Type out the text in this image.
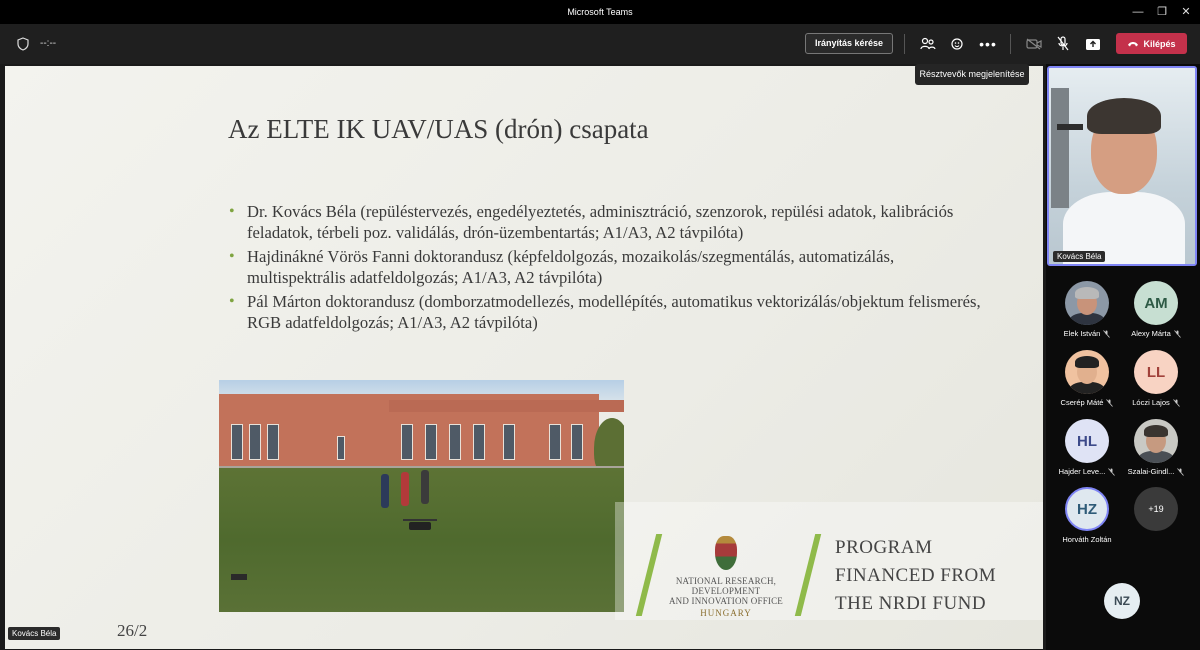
Microsoft Teams	—	❐	✕
--:--	Irányítás kérése	•••	Kilépés
Résztvevők megjelenítése
Az ELTE IK UAV/UAS (drón) csapata
• Dr. Kovács Béla (repüléstervezés, engedélyeztetés, adminisztráció, szenzorok, repülési adatok, kalibrációs feladatok, térbeli poz. validálás, drón-üzembentartás; A1/A3, A2 távpilóta)
• Hajdinákné Vörös Fanni doktorandusz (képfeldolgozás, mozaikolás/szegmentálás, automatizálás, multispektrális adatfeldolgozás; A1/A3, A2 távpilóta)
• Pál Márton doktorandusz (domborzatmodellezés, modellépítés, automatikus vektorizálás/objektum felismerés, RGB adatfeldolgozás; A1/A3, A2 távpilóta)
NATIONAL RESEARCH, DEVELOPMENT
AND INNOVATION OFFICE
HUNGARY
PROGRAM
FINANCED FROM
THE NRDI FUND
26/2
Kovács Béla
Kovács Béla
Elek István
AM
Alexy Márta
Cserép Máté
LL
Lóczi Lajos
HL
Hajder Leve...	Szalai-Gindl...
HZ
Horváth Zoltán
+19
NZ
